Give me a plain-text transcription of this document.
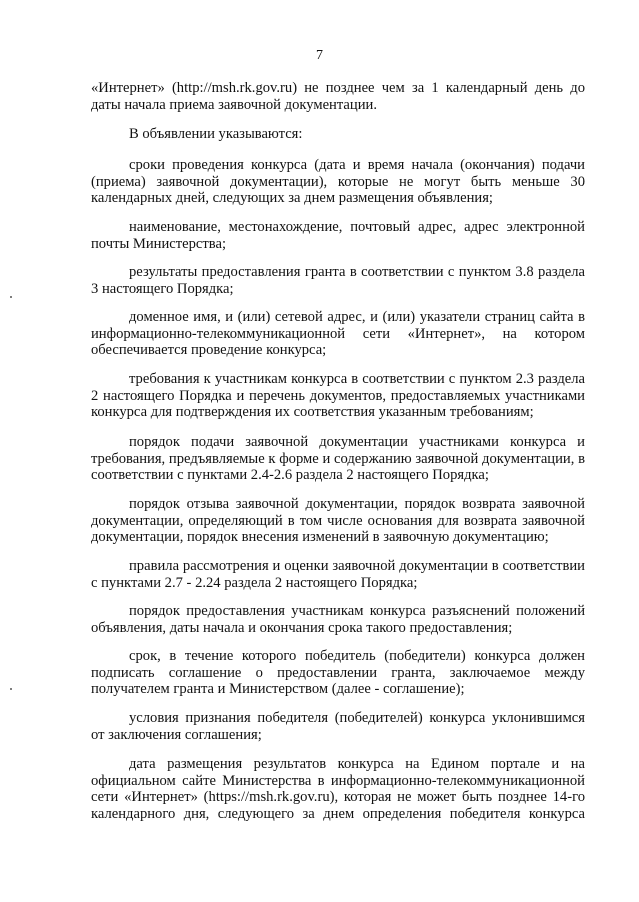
7

«Интернет» (http://msh.rk.gov.ru) не позднее чем за 1 календарный день до даты начала приема заявочной документации.

В объявлении указываются:

сроки проведения конкурса (дата и время начала (окончания) подачи (приема) заявочной документации), которые не могут быть меньше 30 календарных дней, следующих за днем размещения объявления;

наименование, местонахождение, почтовый адрес, адрес электронной почты Министерства;

результаты предоставления гранта в соответствии с пунктом 3.8 раздела 3 настоящего Порядка;

доменное имя, и (или) сетевой адрес, и (или) указатели страниц сайта в информационно-телекоммуникационной сети «Интернет», на котором обеспечивается проведение конкурса;

требования к участникам конкурса в соответствии с пунктом 2.3 раздела 2 настоящего Порядка и перечень документов, предоставляемых участниками конкурса для подтверждения их соответствия указанным требованиям;

порядок подачи заявочной документации участниками конкурса и требования, предъявляемые к форме и содержанию заявочной документации, в соответствии с пунктами 2.4-2.6 раздела 2 настоящего Порядка;

порядок отзыва заявочной документации, порядок возврата заявочной документации, определяющий в том числе основания для возврата заявочной документации, порядок внесения изменений в заявочную документацию;

правила рассмотрения и оценки заявочной документации в соответствии с пунктами 2.7 - 2.24 раздела 2 настоящего Порядка;

порядок предоставления участникам конкурса разъяснений положений объявления, даты начала и окончания срока такого предоставления;

срок, в течение которого победитель (победители) конкурса должен подписать соглашение о предоставлении гранта, заключаемое между получателем гранта и Министерством (далее - соглашение);

условия признания победителя (победителей) конкурса уклонившимся от заключения соглашения;

дата размещения результатов конкурса на Едином портале и на официальном сайте Министерства в информационно-телекоммуникационной сети «Интернет» (https://msh.rk.gov.ru), которая не может быть позднее 14-го календарного дня, следующего за днем определения победителя конкурса
